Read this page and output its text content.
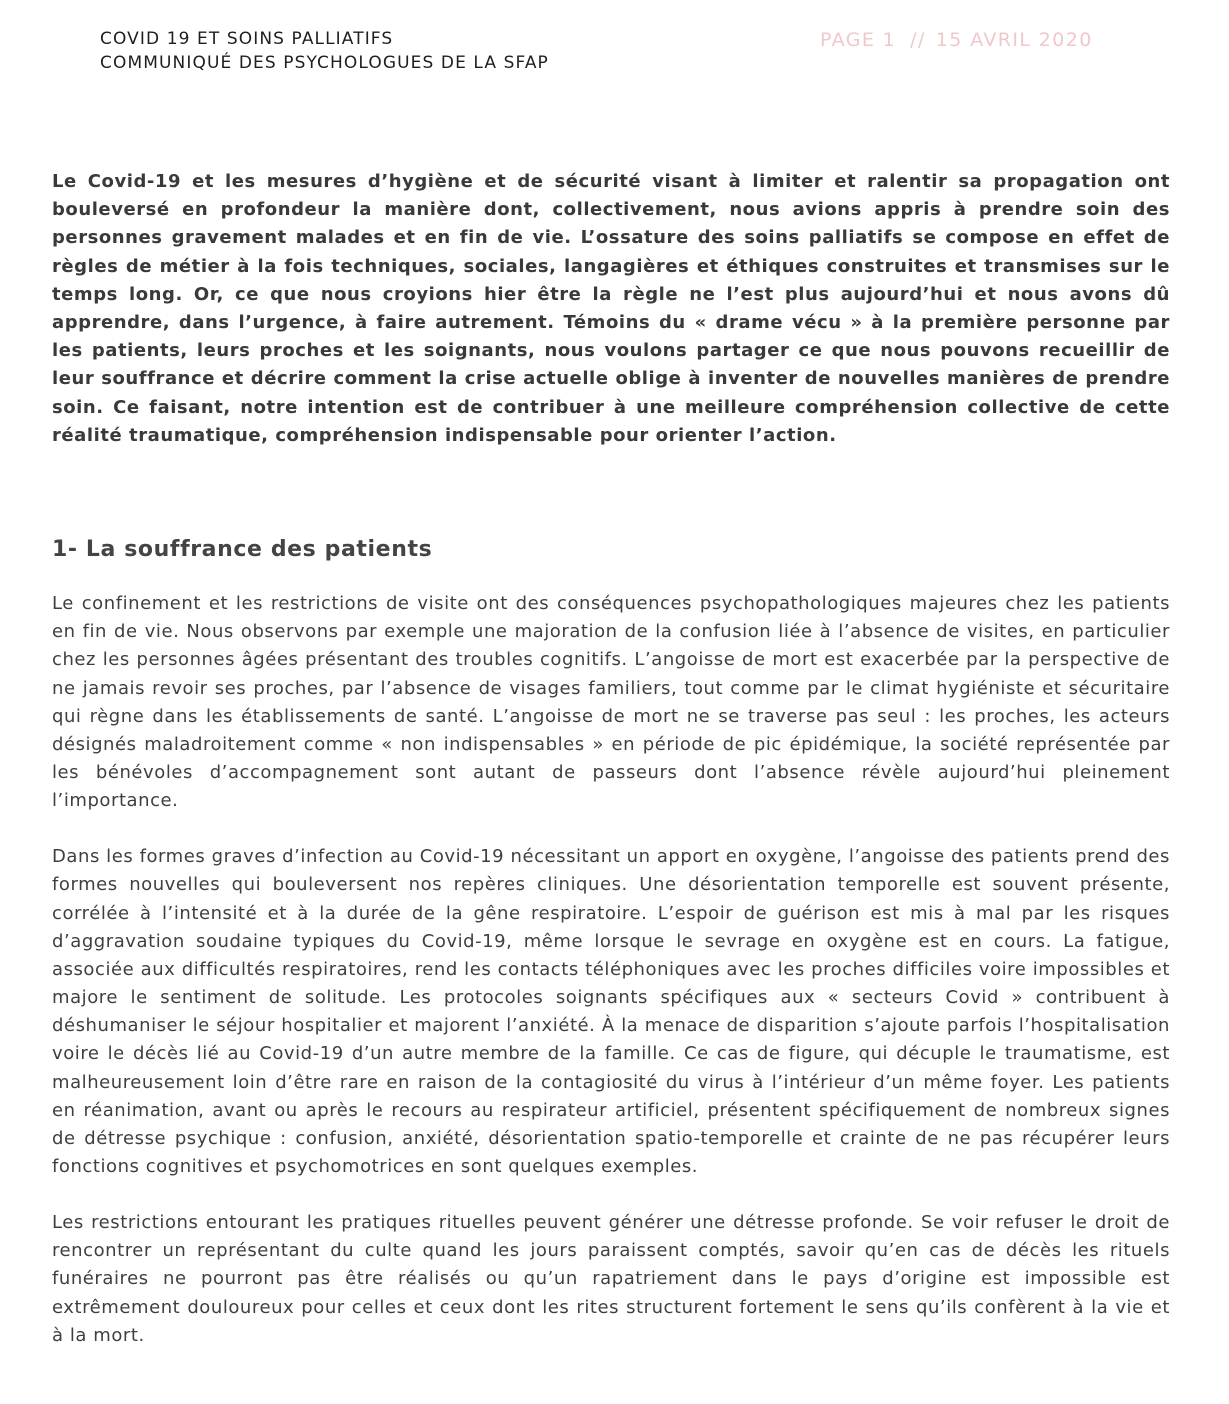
COVID 19 ET SOINS PALLIATIFS
COMMUNIQUÉ DES PSYCHOLOGUES DE LA SFAP
PAGE 1 // 15 AVRIL 2020

Le Covid-19 et les mesures d’hygiène et de sécurité visant à limiter et ralentir sa propagation ont bouleversé en profondeur la manière dont, collectivement, nous avions appris à prendre soin des personnes gravement malades et en fin de vie. L’ossature des soins palliatifs se compose en effet de règles de métier à la fois techniques, sociales, langagières et éthiques construites et transmises sur le temps long. Or, ce que nous croyions hier être la règle ne l’est plus aujourd’hui et nous avons dû apprendre, dans l’urgence, à faire autrement. Témoins du « drame vécu » à la première personne par les patients, leurs proches et les soignants, nous voulons partager ce que nous pouvons recueillir de leur souffrance et décrire comment la crise actuelle oblige à inventer de nouvelles manières de prendre soin. Ce faisant, notre intention est de contribuer à une meilleure compréhension collective de cette réalité traumatique, compréhension indispensable pour orienter l’action.

1- La souffrance des patients

Le confinement et les restrictions de visite ont des conséquences psychopathologiques majeures chez les patients en fin de vie. Nous observons par exemple une majoration de la confusion liée à l’absence de visites, en particulier chez les personnes âgées présentant des troubles cognitifs. L’angoisse de mort est exacerbée par la perspective de ne jamais revoir ses proches, par l’absence de visages familiers, tout comme par le climat hygiéniste et sécuritaire qui règne dans les établissements de santé. L’angoisse de mort ne se traverse pas seul : les proches, les acteurs désignés maladroitement comme « non indispensables » en période de pic épidémique, la société représentée par les bénévoles d’accompagnement sont autant de passeurs dont l’absence révèle aujourd’hui pleinement l’importance.

Dans les formes graves d’infection au Covid-19 nécessitant un apport en oxygène, l’angoisse des patients prend des formes nouvelles qui bouleversent nos repères cliniques. Une désorientation temporelle est souvent présente, corrélée à l’intensité et à la durée de la gêne respiratoire. L’espoir de guérison est mis à mal par les risques d’aggravation soudaine typiques du Covid-19, même lorsque le sevrage en oxygène est en cours. La fatigue, associée aux difficultés respiratoires, rend les contacts téléphoniques avec les proches difficiles voire impossibles et majore le sentiment de solitude. Les protocoles soignants spécifiques aux « secteurs Covid » contribuent à déshumaniser le séjour hospitalier et majorent l’anxiété. À la menace de disparition s’ajoute parfois l’hospitalisation voire le décès lié au Covid-19 d’un autre membre de la famille. Ce cas de figure, qui décuple le traumatisme, est malheureusement loin d’être rare en raison de la contagiosité du virus à l’intérieur d’un même foyer. Les patients en réanimation, avant ou après le recours au respirateur artificiel, présentent spécifiquement de nombreux signes de détresse psychique : confusion, anxiété, désorientation spatio-temporelle et crainte de ne pas récupérer leurs fonctions cognitives et psychomotrices en sont quelques exemples.

Les restrictions entourant les pratiques rituelles peuvent générer une détresse profonde. Se voir refuser le droit de rencontrer un représentant du culte quand les jours paraissent comptés, savoir qu’en cas de décès les rituels funéraires ne pourront pas être réalisés ou qu’un rapatriement dans le pays d’origine est impossible est extrêmement douloureux pour celles et ceux dont les rites structurent fortement le sens qu’ils confèrent à la vie et à la mort.
